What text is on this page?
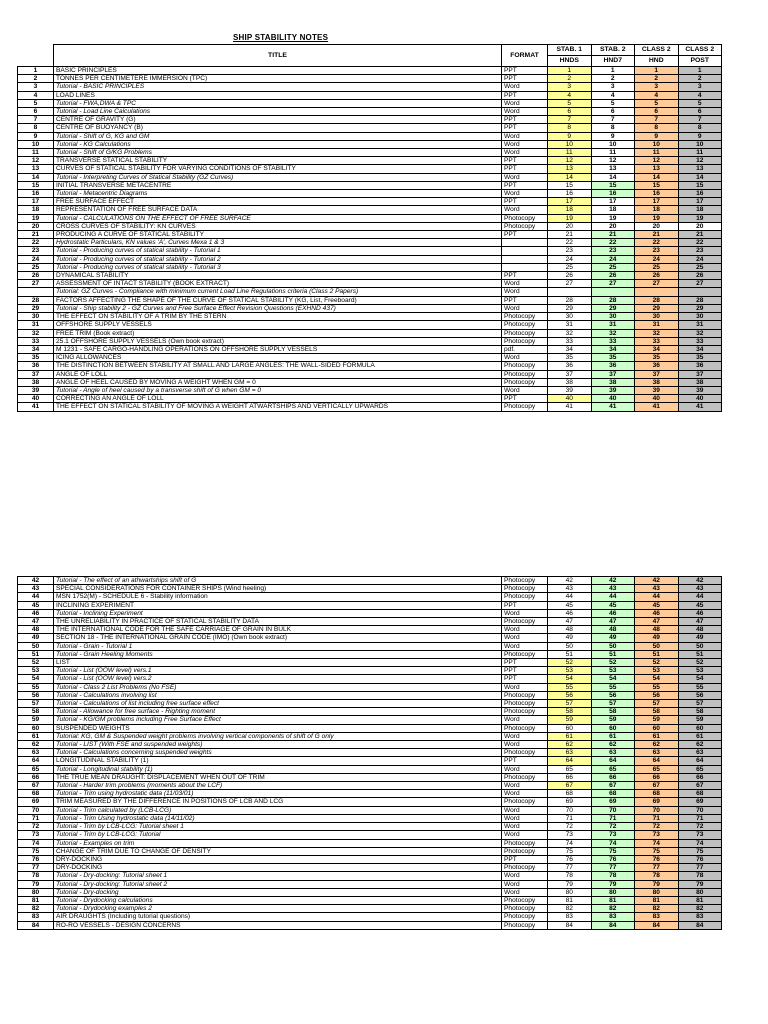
SHIP STABILITY NOTES
	TITLE	FORMAT	STAB. 1	STAB. 2	CLASS 2	CLASS 2
			HNDS	HND7	HND	POST
1	BASIC PRINCIPLES	PPT	1	1	1	1
2	TONNES PER CENTIMETERE IMMERSION (TPC)	PPT	2	2	2	2
3	Tutorial - BASIC PRINCIPLES	Word	3	3	3	3
4	LOAD LINES	PPT	4	4	4	4
5	Tutorial - FWA,DWA & TPC	Word	5	5	5	5
6	Tutorial - Load Line Calculations	Word	6	6	6	6
7	CENTRE OF GRAVITY (G)	PPT	7	7	7	7
8	CENTRE OF BUOYANCY (B)	PPT	8	8	8	8
9	Tutorial - Shift of G, KG and GM	Word	9	9	9	9
10	Tutorial - KG Calculations	Word	10	10	10	10
11	Tutorial - Shift of G/KG Problems	Word	11	11	11	11
12	TRANSVERSE STATICAL STABILITY	PPT	12	12	12	12
13	CURVES OF STATICAL STABILITY FOR VARYING CONDITIONS OF STABILITY	PPT	13	13	13	13
14	Tutorial - Interpreting Curves of Statical Stability (GZ Curves)	Word	14	14	14	14
15	INITIAL TRANSVERSE METACENTRE	PPT	15	15	15	15
16	Tutorial - Metacentric Diagrams	Word	16	16	16	16
17	FREE SURFACE EFFECT	PPT	17	17	17	17
18	REPRESENTATION OF FREE SURFACE DATA	Word	18	18	18	18
19	Tutorial - CALCULATIONS ON THE EFFECT OF FREE SURFACE	Photocopy	19	19	19	19
20	CROSS CURVES OF STABILITY: KN CURVES	Photocopy	20	20	20	20
21	PRODUCING A CURVE OF STATICAL STABILITY	PPT	21	21	21	21
22	Hydrostatic Particulars, KN values 'A', Curves Mexa 1 & 3		22	22	22	22
23	Tutorial - Producing curves of statical stability - Tutorial 1		23	23	23	23
24	Tutorial - Producing curves of statical stability - Tutorial 2		24	24	24	24
25	Tutorial - Producing curves of statical stability - Tutorial 3		25	25	25	25
26	DYNAMICAL STABILITY	PPT	26	26	26	26
27	ASSESSMENT OF INTACT STABILITY (BOOK EXTRACT)	Word	27	27	27	27
	Tutorial: GZ Curves - Compliance with minimum current Load Line Regulations criteria (Class 2 Papers)	Word				
28	FACTORS AFFECTING THE SHAPE OF THE CURVE OF STATICAL STABILITY (KG, List, Freeboard)	PPT	28	28	28	28
29	Tutorial - Ship stability 2 - GZ Curves and Free Surface Effect Revision Questions (EXHND 437)	Word	29	29	29	29
30	THE EFFECT ON STABILITY OF A TRIM BY THE STERN	Photocopy	30	30	30	30
31	OFFSHORE SUPPLY VESSELS	Photocopy	31	31	31	31
32	FREE TRIM (Book extract)	Photocopy	32	32	32	32
33	25.1 OFFSHORE SUPPLY VESSELS (Own book extract)	Photocopy	33	33	33	33
34	M 1231 - SAFE CARGO-HANDLING OPERATIONS ON OFFSHORE SUPPLY VESSELS	pdf.	34	34	34	34
35	ICING ALLOWANCES	Word	35	35	35	35
36	THE DISTINCTION BETWEEN STABILITY AT SMALL AND LARGE ANGLES: THE WALL-SIDED FORMULA	Photocopy	36	36	36	36
37	ANGLE OF LOLL	Photocopy	37	37	37	37
38	ANGLE OF HEEL CAUSED BY MOVING A WEIGHT WHEN GM = 0	Photocopy	38	38	38	38
39	Tutorial - Angle of heel caused by a transverse shift of G when GM = 0	Word	39	39	39	39
40	CORRECTING AN ANGLE OF LOLL	PPT	40	40	40	40
41	THE EFFECT ON STATICAL STABILITY OF MOVING A WEIGHT ATWARTSHIPS AND VERTICALLY UPWARDS	Photocopy	41	41	41	41
42	Tutorial - The effect of an athwartships shift of G	Photocopy	42	42	42	42
43	SPECIAL CONSIDERATIONS FOR CONTAINER SHIPS (Wind heeling)	Photocopy	43	43	43	43
44	MSN 1752(M) - SCHEDULE 6 - Stability information	Photocopy	44	44	44	44
45	INCLINING EXPERIMENT	PPT	45	45	45	45
46	Tutorial - Inclining Experiment	Word	46	46	46	46
47	THE UNRELIABILITY IN PRACTICE OF STATICAL STABILITY DATA	Photocopy	47	47	47	47
48	THE INTERNATIONAL CODE FOR THE SAFE CARRIAGE OF GRAIN IN BULK	Word	48	48	48	48
49	SECTION 18 - THE INTERNATIONAL GRAIN CODE (IMO) (Own book extract)	Word	49	49	49	49
50	Tutorial - Grain - Tutorial 1	Word	50	50	50	50
51	Tutorial - Grain Heeling Moments	Photocopy	51	51	51	51
52	LIST	PPT	52	52	52	52
53	Tutorial - List (OOW level) vers.1	PPT	53	53	53	53
54	Tutorial - List (OOW level) vers.2	PPT	54	54	54	54
55	Tutorial - Class 2 List Problems (No FSE)	Word	55	55	55	55
56	Tutorial - Calculations involving list	Photocopy	56	56	56	56
57	Tutorial - Calculations of list including free surface effect	Photocopy	57	57	57	57
58	Tutorial - Allowance for free surface - Righting moment	Photocopy	58	58	58	58
59	Tutorial - KG/GM problems including Free Surface Effect	Word	59	59	59	59
60	SUSPENDED WEIGHTS	Photocopy	60	60	60	60
61	Tutorial: KG, GM & Suspended weight problems involving vertical components of shift of G only	Word	61	61	61	61
62	Tutorial - LIST (With FSE and suspended weights)	Word	62	62	62	62
63	Tutorial - Calculations concerning suspended weights	Photocopy	63	63	63	63
64	LONGITUDINAL STABILITY (1)	PPT	64	64	64	64
65	Tutorial - Longitudinal stability (1)	Word	65	65	65	65
66	THE TRUE MEAN DRAUGHT: DISPLACEMENT WHEN OUT OF TRIM	Photocopy	66	66	66	66
67	Tutorial - Harder trim problems (moments about the LCF)	Word	67	67	67	67
68	Tutorial - Trim using hydrostatic data (11/03/01)	Word	68	68	68	68
69	TRIM MEASURED BY THE DIFFERENCE IN POSITIONS OF LCB AND LCG	Photocopy	69	69	69	69
70	Tutorial - Trim calculated by (LCB-LCG)	Word	70	70	70	70
71	Tutorial - Trim Using hydrostatic data (14/11/02)	Word	71	71	71	71
72	Tutorial - Trim by LCB-LCG: Tutorial sheet 1	Word	72	72	72	72
73	Tutorial - Trim by LCB-LCG: Tutorial	Word	73	73	73	73
74	Tutorial - Examples on trim	Photocopy	74	74	74	74
75	CHANGE OF TRIM DUE TO CHANGE OF DENSITY	Photocopy	75	75	75	75
76	DRY-DOCKING	PPT	76	76	76	76
77	DRY-DOCKING	Photocopy	77	77	77	77
78	Tutorial - Dry-docking: Tutorial sheet 1	Word	78	78	78	78
79	Tutorial - Dry-docking: Tutorial sheet 2	Word	79	79	79	79
80	Tutorial - Dry-docking	Word	80	80	80	80
81	Tutorial - Drydocking calculations	Photocopy	81	81	81	81
82	Tutorial - Drydocking examples 2	Photocopy	82	82	82	82
83	AIR DRAUGHTS (Including tutorial questions)	Photocopy	83	83	83	83
84	RO-RO VESSELS - DESIGN CONCERNS	Photocopy	84	84	84	84
